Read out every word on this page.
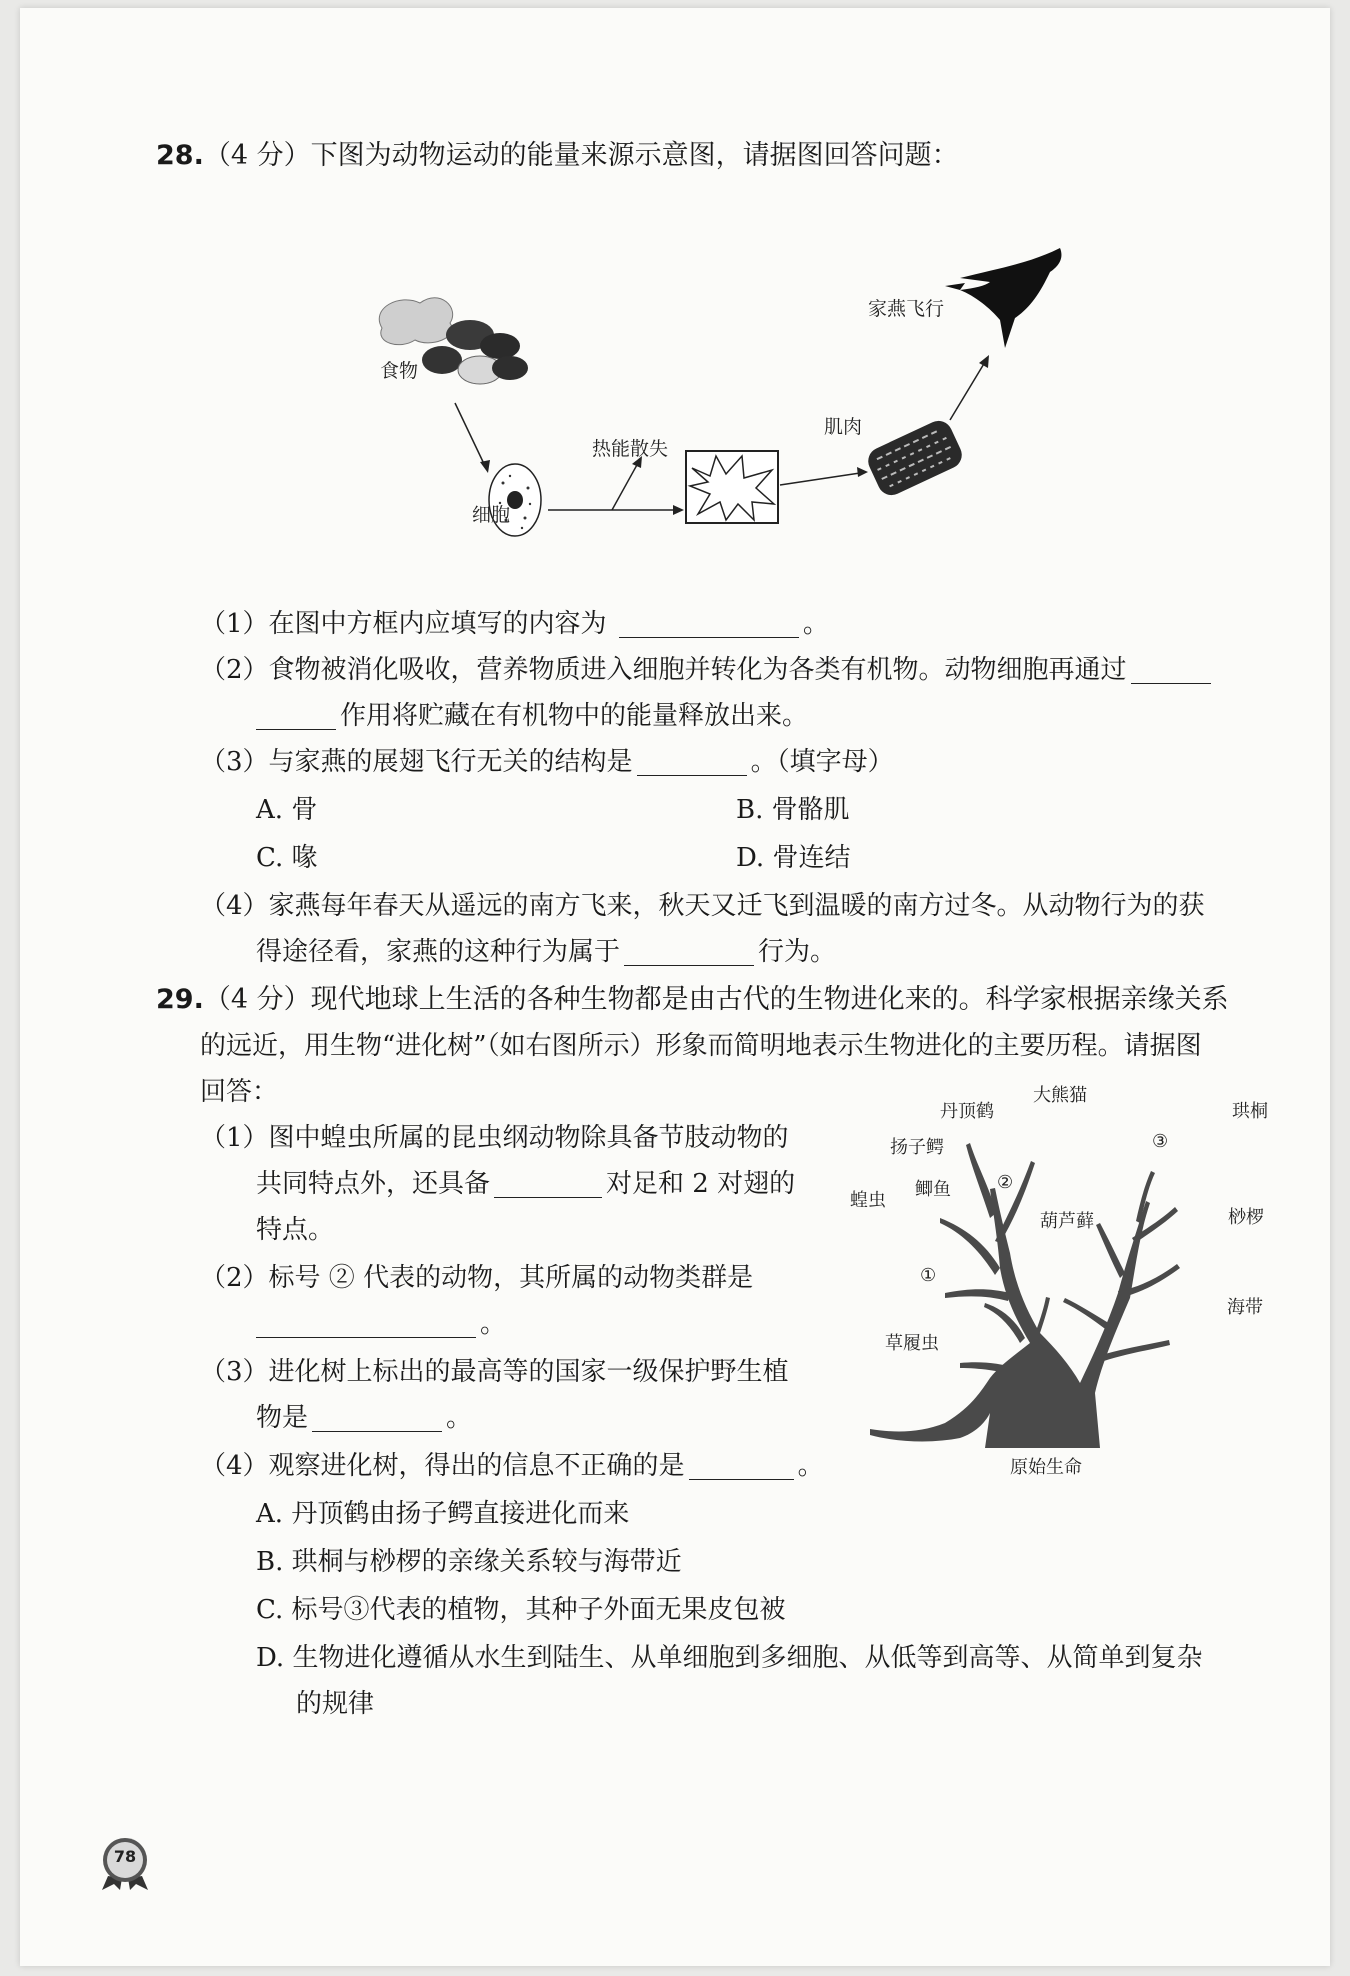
28.（4 分）下图为动物运动的能量来源示意图，请据图回答问题：
食物
细胞
热能散失
肌肉
家燕飞行
（1）在图中方框内应填写的内容为	。
（2）食物被消化吸收，营养物质进入细胞并转化为各类有机物。动物细胞再通过
作用将贮藏在有机物中的能量释放出来。
（3）与家燕的展翅飞行无关的结构是	。（填字母）
A. 骨	B. 骨骼肌
C. 喙	D. 骨连结
（4）家燕每年春天从遥远的南方飞来，秋天又迁飞到温暖的南方过冬。从动物行为的获
得途径看，家燕的这种行为属于	行为。
29.（4 分）现代地球上生活的各种生物都是由古代的生物进化来的。科学家根据亲缘关系
的远近，用生物“进化树”（如右图所示）形象而简明地表示生物进化的主要历程。请据图
回答：
（1）图中蝗虫所属的昆虫纲动物除具备节肢动物的
共同特点外，还具备	对足和 2 对翅的
特点。
（2）标号 ② 代表的动物，其所属的动物类群是
。
（3）进化树上标出的最高等的国家一级保护野生植
物是	。
（4）观察进化树，得出的信息不正确的是	。
A. 丹顶鹤由扬子鳄直接进化而来
B. 珙桐与桫椤的亲缘关系较与海带近
C. 标号③代表的植物，其种子外面无果皮包被
D. 生物进化遵循从水生到陆生、从单细胞到多细胞、从低等到高等、从简单到复杂
的规律
丹顶鹤
大熊猫
珙桐
扬子鳄
鲫鱼
蝗虫
葫芦藓	桫椤
海带
草履虫
原始生命
①
②
③
78
